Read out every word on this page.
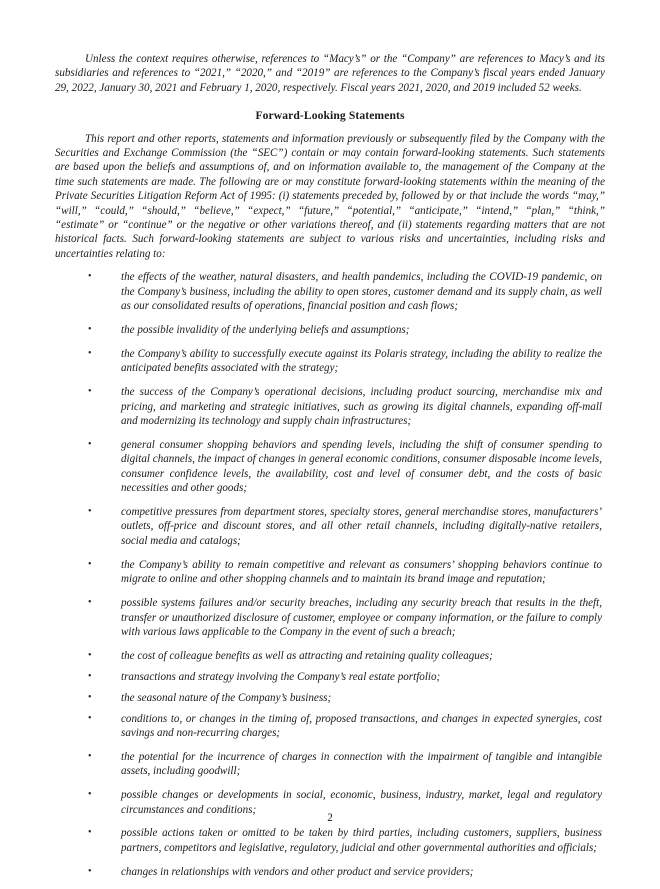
Unless the context requires otherwise, references to “Macy’s” or the “Company” are references to Macy’s and its subsidiaries and references to “2021,” “2020,” and “2019” are references to the Company’s fiscal years ended January 29, 2022, January 30, 2021 and February 1, 2020, respectively. Fiscal years 2021, 2020, and 2019 included 52 weeks.

Forward-Looking Statements

This report and other reports, statements and information previously or subsequently filed by the Company with the Securities and Exchange Commission (the “SEC”) contain or may contain forward-looking statements. Such statements are based upon the beliefs and assumptions of, and on information available to, the management of the Company at the time such statements are made. The following are or may constitute forward-looking statements within the meaning of the Private Securities Litigation Reform Act of 1995: (i) statements preceded by, followed by or that include the words “may,” “will,” “could,” “should,” “believe,” “expect,” “future,” “potential,” “anticipate,” “intend,” “plan,” “think,” “estimate” or “continue” or the negative or other variations thereof, and (ii) statements regarding matters that are not historical facts. Such forward-looking statements are subject to various risks and uncertainties, including risks and uncertainties relating to:

•	the effects of the weather, natural disasters, and health pandemics, including the COVID-19 pandemic, on the Company’s business, including the ability to open stores, customer demand and its supply chain, as well as our consolidated results of operations, financial position and cash flows;
•	the possible invalidity of the underlying beliefs and assumptions;
•	the Company’s ability to successfully execute against its Polaris strategy, including the ability to realize the anticipated benefits associated with the strategy;
•	the success of the Company’s operational decisions, including product sourcing, merchandise mix and pricing, and marketing and strategic initiatives, such as growing its digital channels, expanding off-mall and modernizing its technology and supply chain infrastructures;
•	general consumer shopping behaviors and spending levels, including the shift of consumer spending to digital channels, the impact of changes in general economic conditions, consumer disposable income levels, consumer confidence levels, the availability, cost and level of consumer debt, and the costs of basic necessities and other goods;
•	competitive pressures from department stores, specialty stores, general merchandise stores, manufacturers’ outlets, off-price and discount stores, and all other retail channels, including digitally-native retailers, social media and catalogs;
•	the Company’s ability to remain competitive and relevant as consumers’ shopping behaviors continue to migrate to online and other shopping channels and to maintain its brand image and reputation;
•	possible systems failures and/or security breaches, including any security breach that results in the theft, transfer or unauthorized disclosure of customer, employee or company information, or the failure to comply with various laws applicable to the Company in the event of such a breach;
•	the cost of colleague benefits as well as attracting and retaining quality colleagues;
•	transactions and strategy involving the Company’s real estate portfolio;
•	the seasonal nature of the Company’s business;
•	conditions to, or changes in the timing of, proposed transactions, and changes in expected synergies, cost savings and non-recurring charges;
•	the potential for the incurrence of charges in connection with the impairment of tangible and intangible assets, including goodwill;
•	possible changes or developments in social, economic, business, industry, market, legal and regulatory circumstances and conditions;
•	possible actions taken or omitted to be taken by third parties, including customers, suppliers, business partners, competitors and legislative, regulatory, judicial and other governmental authorities and officials;
•	changes in relationships with vendors and other product and service providers;
2
